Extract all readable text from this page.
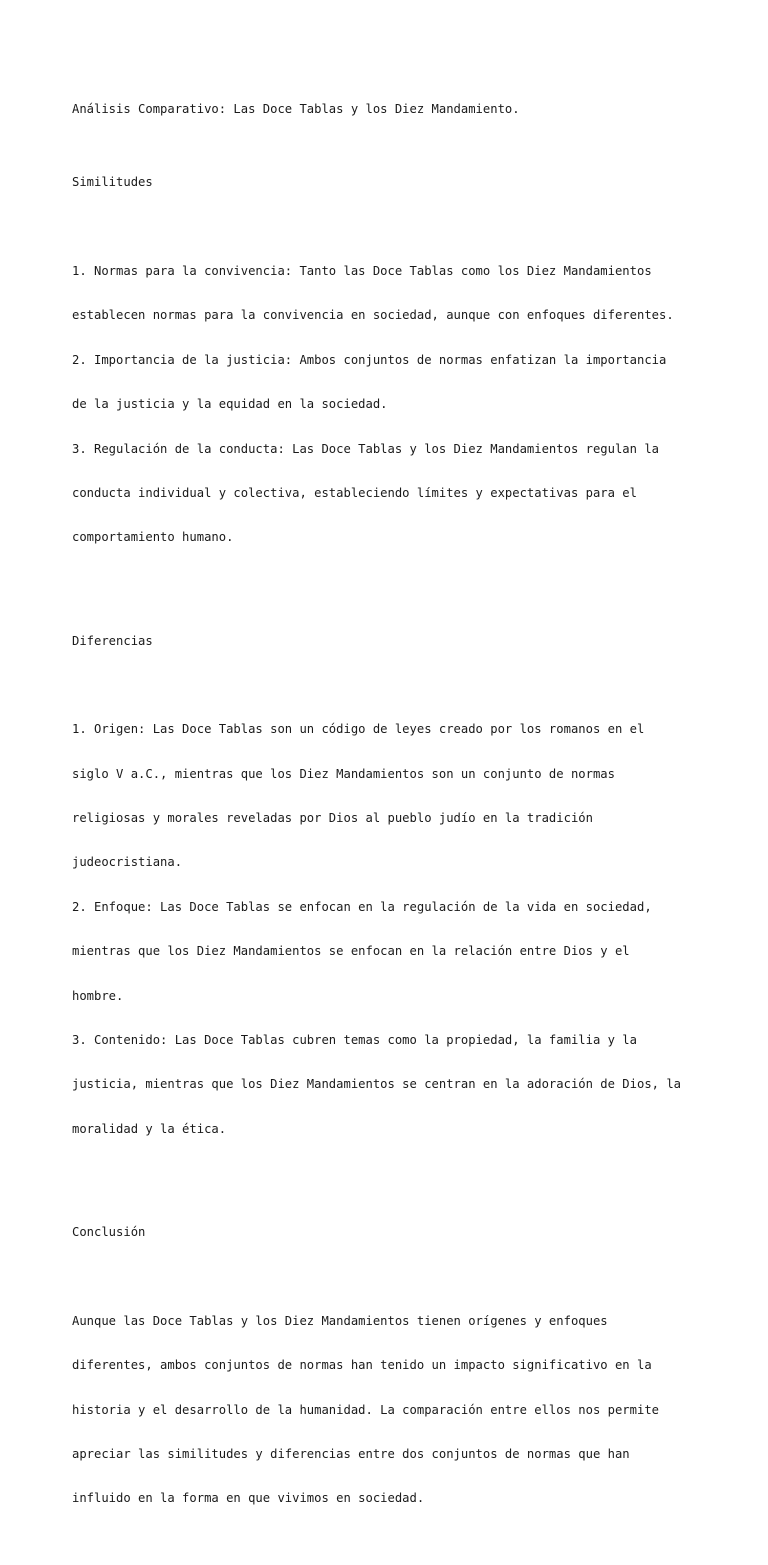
Análisis Comparativo: Las Doce Tablas y los Diez Mandamiento.

Similitudes

1. Normas para la convivencia: Tanto las Doce Tablas como los Diez Mandamientos

establecen normas para la convivencia en sociedad, aunque con enfoques diferentes.

2. Importancia de la justicia: Ambos conjuntos de normas enfatizan la importancia

de la justicia y la equidad en la sociedad.

3. Regulación de la conducta: Las Doce Tablas y los Diez Mandamientos regulan la

conducta individual y colectiva, estableciendo límites y expectativas para el

comportamiento humano.

Diferencias

1. Origen: Las Doce Tablas son un código de leyes creado por los romanos en el

siglo V a.C., mientras que los Diez Mandamientos son un conjunto de normas

religiosas y morales reveladas por Dios al pueblo judío en la tradición

judeocristiana.

2. Enfoque: Las Doce Tablas se enfocan en la regulación de la vida en sociedad,

mientras que los Diez Mandamientos se enfocan en la relación entre Dios y el

hombre.

3. Contenido: Las Doce Tablas cubren temas como la propiedad, la familia y la

justicia, mientras que los Diez Mandamientos se centran en la adoración de Dios, la

moralidad y la ética.

Conclusión

Aunque las Doce Tablas y los Diez Mandamientos tienen orígenes y enfoques

diferentes, ambos conjuntos de normas han tenido un impacto significativo en la

historia y el desarrollo de la humanidad. La comparación entre ellos nos permite

apreciar las similitudes y diferencias entre dos conjuntos de normas que han

influido en la forma en que vivimos en sociedad.
